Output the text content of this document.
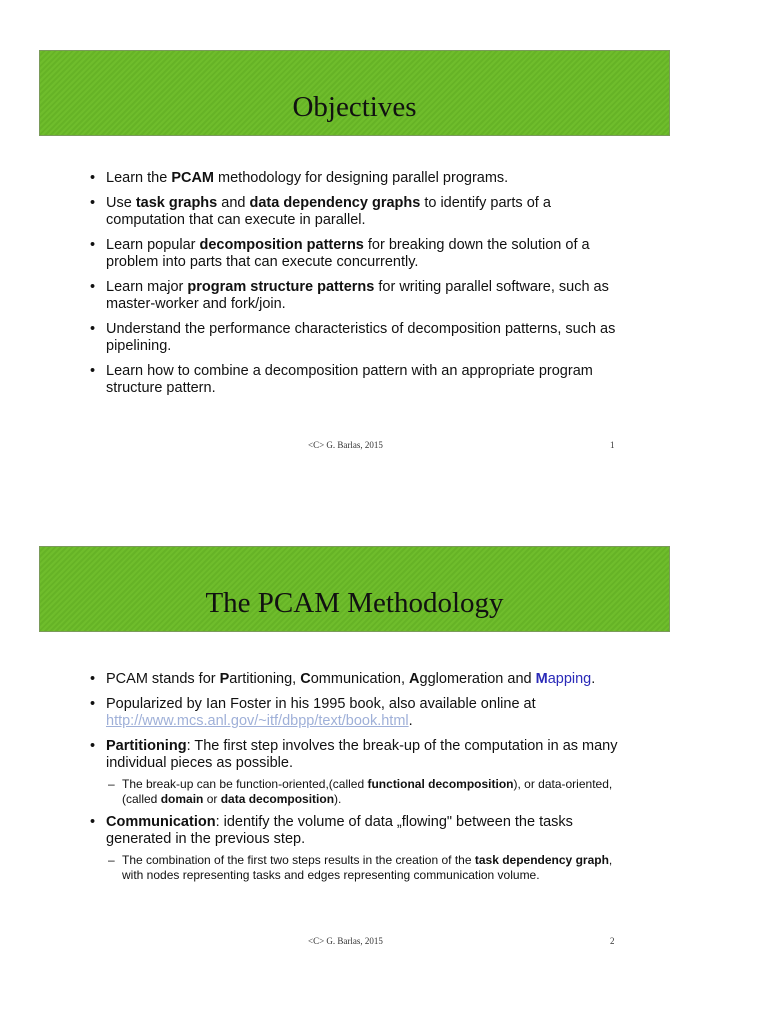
Objectives
• Learn the PCAM methodology for designing parallel programs.
• Use task graphs and data dependency graphs to identify parts of a computation that can execute in parallel.
• Learn popular decomposition patterns for breaking down the solution of a problem into parts that can execute concurrently.
• Learn major program structure patterns for writing parallel software, such as master-worker and fork/join.
• Understand the performance characteristics of decomposition patterns, such as pipelining.
• Learn how to combine a decomposition pattern with an appropriate program structure pattern.
<C> G. Barlas, 2015	1
The PCAM Methodology
• PCAM stands for Partitioning, Communication, Agglomeration and Mapping.
• Popularized by Ian Foster in his 1995 book, also available online at http://www.mcs.anl.gov/~itf/dbpp/text/book.html.
• Partitioning: The first step involves the break-up of the computation in as many individual pieces as possible.
– The break-up can be function-oriented,(called functional decomposition), or data-oriented, (called domain or data decomposition).
• Communication: identify the volume of data „flowing" between the tasks generated in the previous step.
– The combination of the first two steps results in the creation of the task dependency graph, with nodes representing tasks and edges representing communication volume.
<C> G. Barlas, 2015	2
